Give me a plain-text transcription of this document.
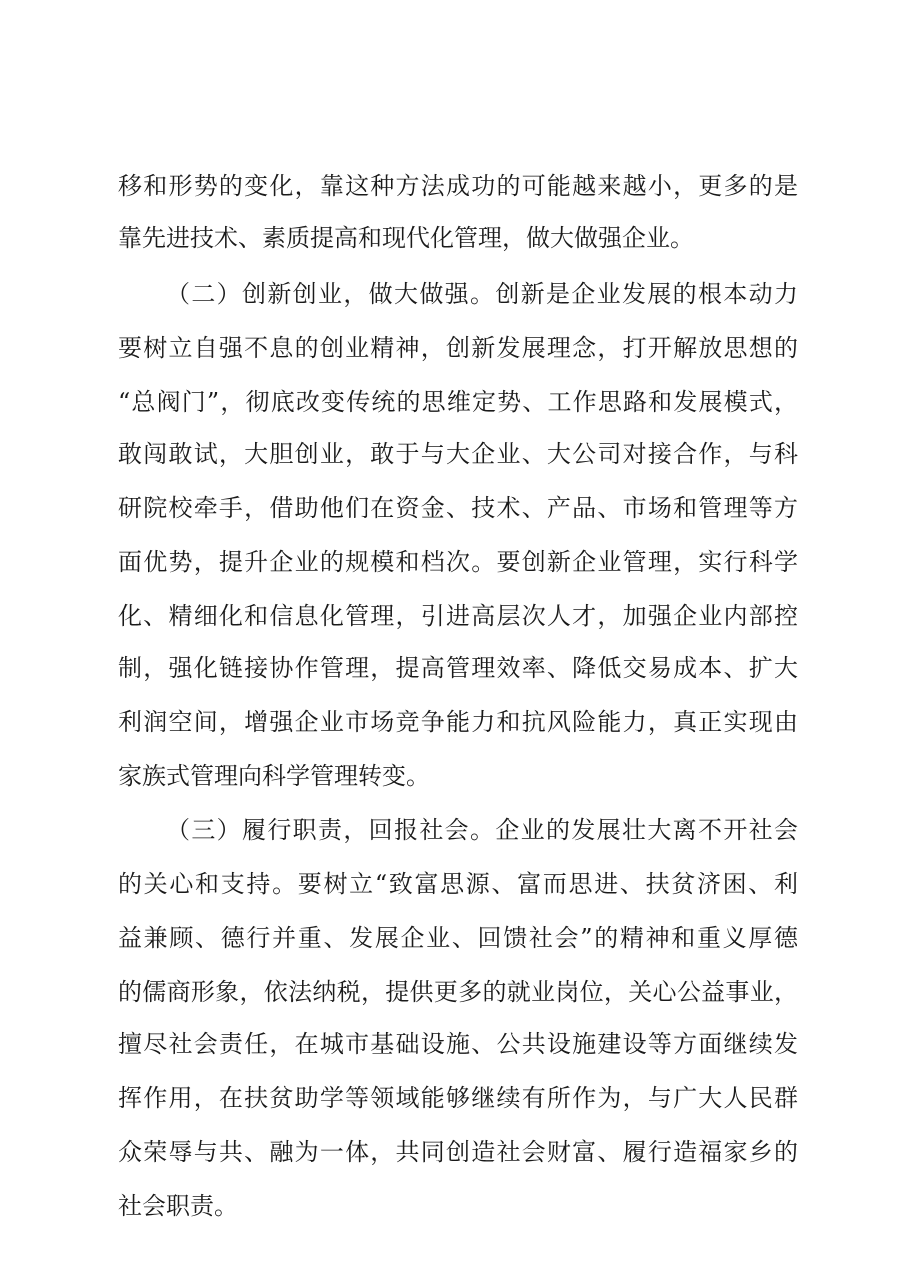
移和形势的变化，靠这种方法成功的可能越来越小，更多的是
靠先进技术、素质提高和现代化管理，做大做强企业。
（二）创新创业，做大做强。创新是企业发展的根本动力
要树立自强不息的创业精神，创新发展理念，打开解放思想的
“总阀门”，彻底改变传统的思维定势、工作思路和发展模式，
敢闯敢试，大胆创业，敢于与大企业、大公司对接合作，与科
研院校牵手，借助他们在资金、技术、产品、市场和管理等方
面优势，提升企业的规模和档次。要创新企业管理，实行科学
化、精细化和信息化管理，引进高层次人才，加强企业内部控
制，强化链接协作管理，提高管理效率、降低交易成本、扩大
利润空间，增强企业市场竞争能力和抗风险能力，真正实现由
家族式管理向科学管理转变。
（三）履行职责，回报社会。企业的发展壮大离不开社会
的关心和支持。要树立“致富思源、富而思进、扶贫济困、利
益兼顾、德行并重、发展企业、回馈社会”的精神和重义厚德
的儒商形象，依法纳税，提供更多的就业岗位，关心公益事业，
擅尽社会责任，在城市基础设施、公共设施建设等方面继续发
挥作用，在扶贫助学等领域能够继续有所作为，与广大人民群
众荣辱与共、融为一体，共同创造社会财富、履行造福家乡的
社会职责。
